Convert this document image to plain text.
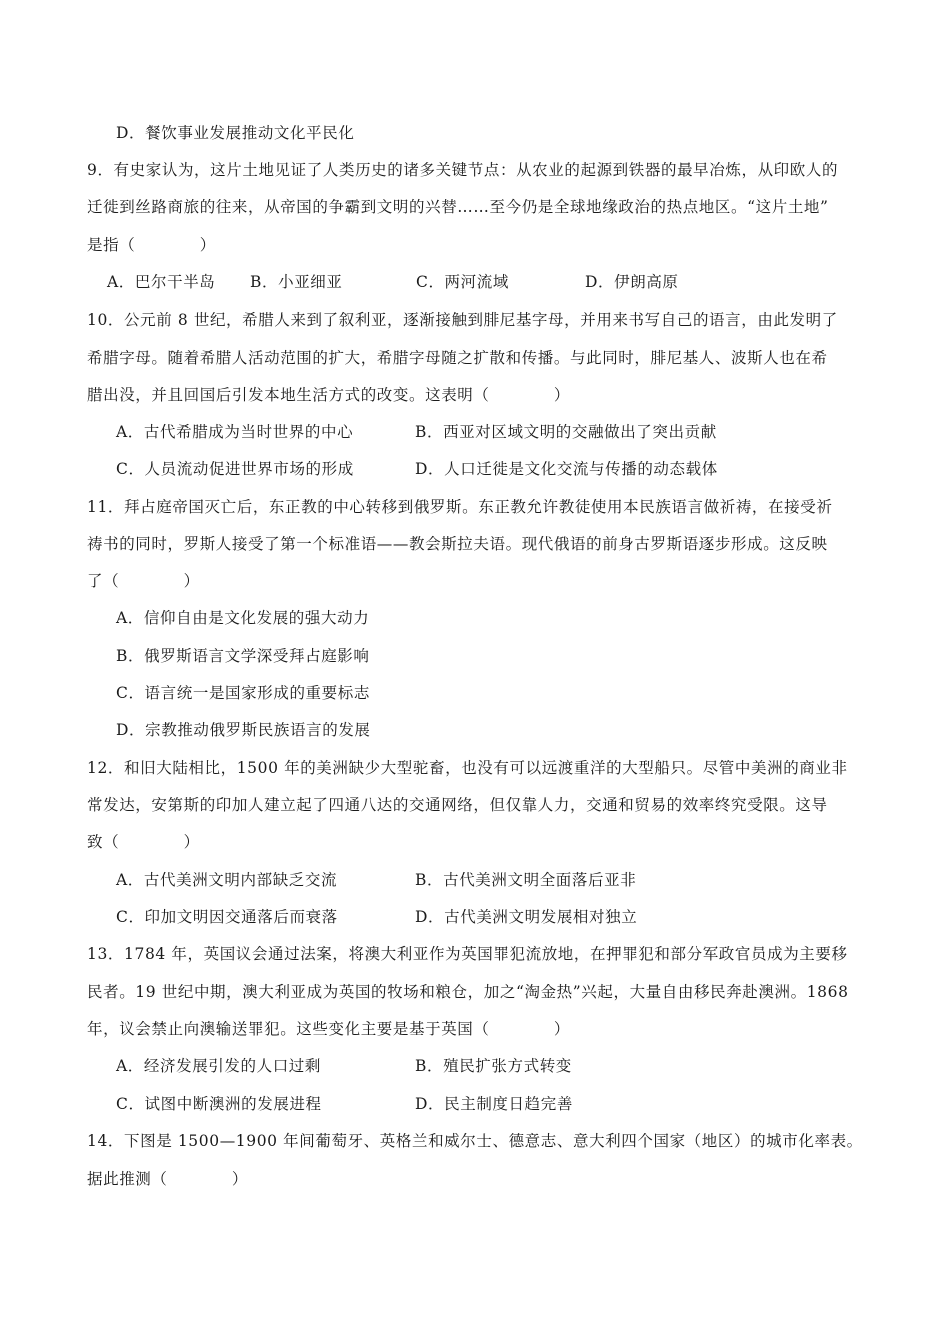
D．餐饮事业发展推动文化平民化
9．有史家认为，这片土地见证了人类历史的诸多关键节点：从农业的起源到铁器的最早冶炼，从印欧人的
迁徙到丝路商旅的往来，从帝国的争霸到文明的兴替……至今仍是全球地缘政治的热点地区。“这片土地”
是指（　　　　）
A．巴尔干半岛 B．小亚细亚	C．两河流域	D．伊朗高原
10．公元前 8 世纪，希腊人来到了叙利亚，逐渐接触到腓尼基字母，并用来书写自己的语言，由此发明了
希腊字母。随着希腊人活动范围的扩大，希腊字母随之扩散和传播。与此同时，腓尼基人、波斯人也在希
腊出没，并且回国后引发本地生活方式的改变。这表明（　　　　）
A．古代希腊成为当时世界的中心	B．西亚对区域文明的交融做出了突出贡献
C．人员流动促进世界市场的形成	D．人口迁徙是文化交流与传播的动态载体
11．拜占庭帝国灭亡后，东正教的中心转移到俄罗斯。东正教允许教徒使用本民族语言做祈祷，在接受祈
祷书的同时，罗斯人接受了第一个标准语——教会斯拉夫语。现代俄语的前身古罗斯语逐步形成。这反映
了（　　　　）
A．信仰自由是文化发展的强大动力
B．俄罗斯语言文学深受拜占庭影响
C．语言统一是国家形成的重要标志
D．宗教推动俄罗斯民族语言的发展
12．和旧大陆相比，1500 年的美洲缺少大型驼畜，也没有可以远渡重洋的大型船只。尽管中美洲的商业非
常发达，安第斯的印加人建立起了四通八达的交通网络，但仅靠人力，交通和贸易的效率终究受限。这导
致（　　　　）
A．古代美洲文明内部缺乏交流	B．古代美洲文明全面落后亚非
C．印加文明因交通落后而衰落	D．古代美洲文明发展相对独立
13．1784 年，英国议会通过法案，将澳大利亚作为英国罪犯流放地，在押罪犯和部分军政官员成为主要移
民者。19 世纪中期，澳大利亚成为英国的牧场和粮仓，加之“淘金热”兴起，大量自由移民奔赴澳洲。1868
年，议会禁止向澳输送罪犯。这些变化主要是基于英国（　　　　）
A．经济发展引发的人口过剩	B．殖民扩张方式转变
C．试图中断澳洲的发展进程	D．民主制度日趋完善
14．下图是 1500—1900 年间葡萄牙、英格兰和威尔士、德意志、意大利四个国家（地区）的城市化率表。
据此推测（　　　　）
